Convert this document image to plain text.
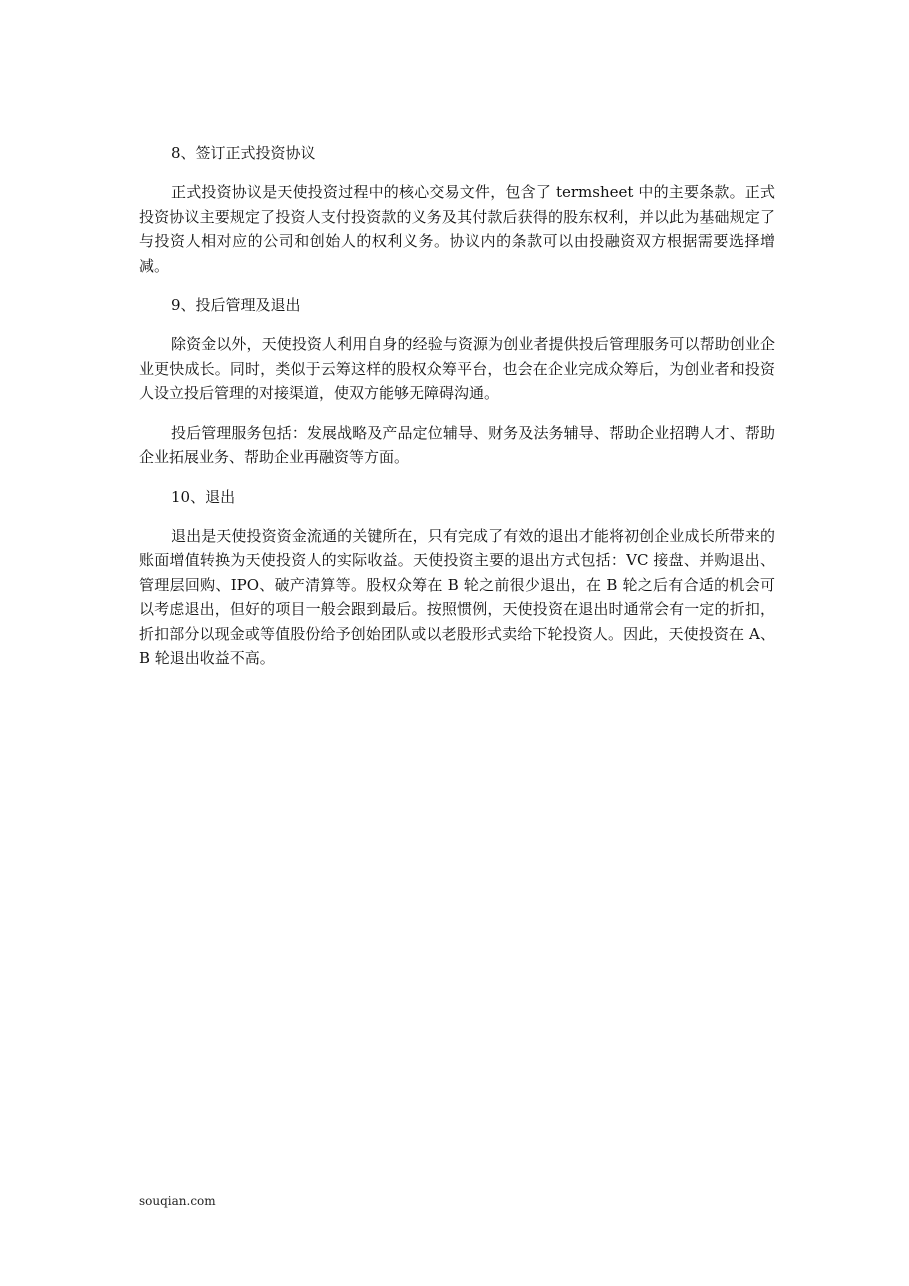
8、签订正式投资协议
正式投资协议是天使投资过程中的核心交易文件，包含了 termsheet 中的主要条款。正式投资协议主要规定了投资人支付投资款的义务及其付款后获得的股东权利，并以此为基础规定了与投资人相对应的公司和创始人的权利义务。协议内的条款可以由投融资双方根据需要选择增减。
9、投后管理及退出
除资金以外，天使投资人利用自身的经验与资源为创业者提供投后管理服务可以帮助创业企业更快成长。同时，类似于云筹这样的股权众筹平台，也会在企业完成众筹后，为创业者和投资人设立投后管理的对接渠道，使双方能够无障碍沟通。
投后管理服务包括：发展战略及产品定位辅导、财务及法务辅导、帮助企业招聘人才、帮助企业拓展业务、帮助企业再融资等方面。
10、退出
退出是天使投资资金流通的关键所在，只有完成了有效的退出才能将初创企业成长所带来的账面增值转换为天使投资人的实际收益。天使投资主要的退出方式包括：VC 接盘、并购退出、管理层回购、IPO、破产清算等。股权众筹在 B 轮之前很少退出，在 B 轮之后有合适的机会可以考虑退出，但好的项目一般会跟到最后。按照惯例，天使投资在退出时通常会有一定的折扣，折扣部分以现金或等值股份给予创始团队或以老股形式卖给下轮投资人。因此，天使投资在 A、B 轮退出收益不高。
souqian.com
